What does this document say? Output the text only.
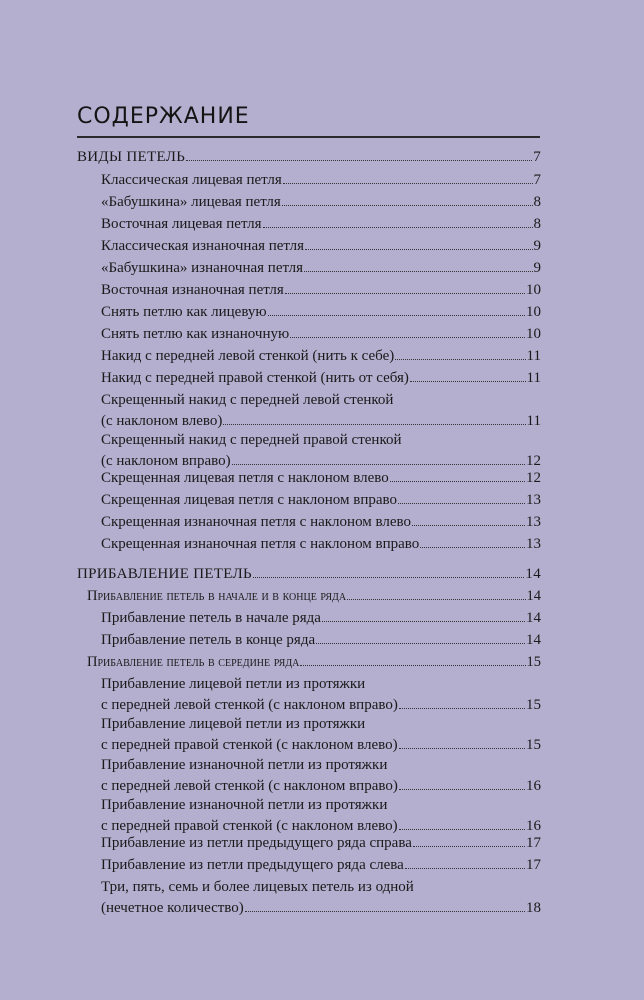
СОДЕРЖАНИЕ
ВИДЫ ПЕТЕЛЬ	7
Классическая лицевая петля	7
«Бабушкина» лицевая петля	8
Восточная лицевая петля	8
Классическая изнаночная петля	9
«Бабушкина» изнаночная петля	9
Восточная изнаночная петля	10
Снять петлю как лицевую	10
Снять петлю как изнаночную	10
Накид с передней левой стенкой (нить к себе)	11
Накид с передней правой стенкой (нить от себя)	11
Скрещенный накид с передней левой стенкой
(с наклоном влево)	11
Скрещенный накид с передней правой стенкой
(с наклоном вправо)	12
Скрещенная лицевая петля с наклоном влево	12
Скрещенная лицевая петля с наклоном вправо	13
Скрещенная изнаночная петля с наклоном влево	13
Скрещенная изнаночная петля с наклоном вправо	13
ПРИБАВЛЕНИЕ ПЕТЕЛЬ	14
Прибавление петель в начале и в конце ряда	14
Прибавление петель в начале ряда	14
Прибавление петель в конце ряда	14
Прибавление петель в середине ряда	15
Прибавление лицевой петли из протяжки
с передней левой стенкой (с наклоном вправо)	15
Прибавление лицевой петли из протяжки
с передней правой стенкой (с наклоном влево)	15
Прибавление изнаночной петли из протяжки
с передней левой стенкой (с наклоном вправо)	16
Прибавление изнаночной петли из протяжки
с передней правой стенкой (с наклоном влево)	16
Прибавление из петли предыдущего ряда справа	17
Прибавление из петли предыдущего ряда слева	17
Три, пять, семь и более лицевых петель из одной
(нечетное количество)	18
